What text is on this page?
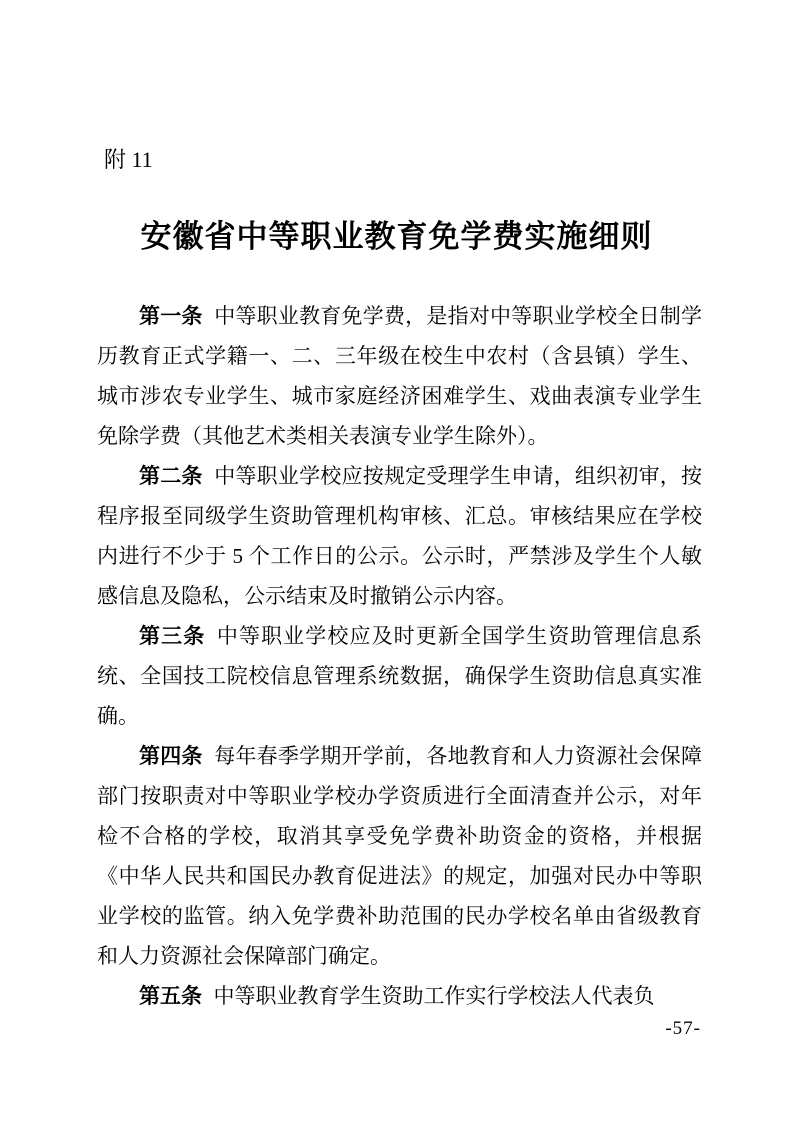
附 11
安徽省中等职业教育免学费实施细则

第一条 中等职业教育免学费，是指对中等职业学校全日制学历教育正式学籍一、二、三年级在校生中农村（含县镇）学生、城市涉农专业学生、城市家庭经济困难学生、戏曲表演专业学生免除学费（其他艺术类相关表演专业学生除外）。

第二条 中等职业学校应按规定受理学生申请，组织初审，按程序报至同级学生资助管理机构审核、汇总。审核结果应在学校内进行不少于 5 个工作日的公示。公示时，严禁涉及学生个人敏感信息及隐私，公示结束及时撤销公示内容。

第三条 中等职业学校应及时更新全国学生资助管理信息系统、全国技工院校信息管理系统数据，确保学生资助信息真实准确。

第四条 每年春季学期开学前，各地教育和人力资源社会保障部门按职责对中等职业学校办学资质进行全面清查并公示，对年检不合格的学校，取消其享受免学费补助资金的资格，并根据《中华人民共和国民办教育促进法》的规定，加强对民办中等职业学校的监管。纳入免学费补助范围的民办学校名单由省级教育和人力资源社会保障部门确定。

第五条 中等职业教育学生资助工作实行学校法人代表负

-57-
